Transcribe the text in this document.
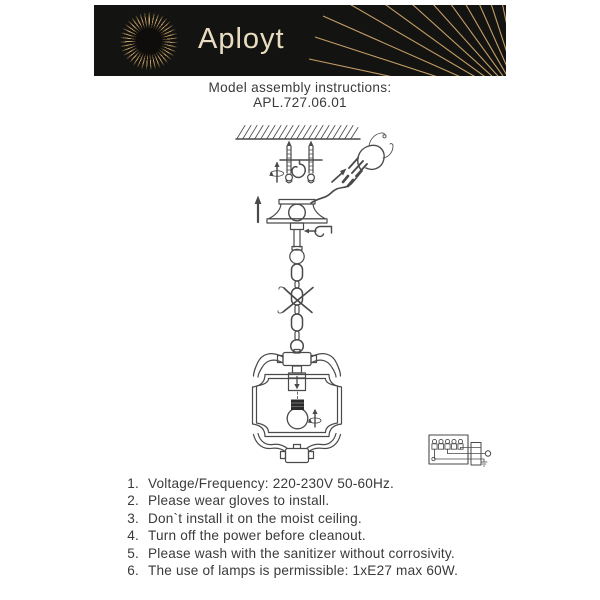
Aployt
Model assembly instructions:
APL.727.06.01
1. Voltage/Frequency: 220-230V 50-60Hz.
2. Please wear gloves to install.
3. Don`t install it on the moist ceiling.
4. Turn off the power before cleanout.
5. Please wash with the sanitizer without corrosivity.
6. The use of lamps is permissible: 1xE27 max 60W.
